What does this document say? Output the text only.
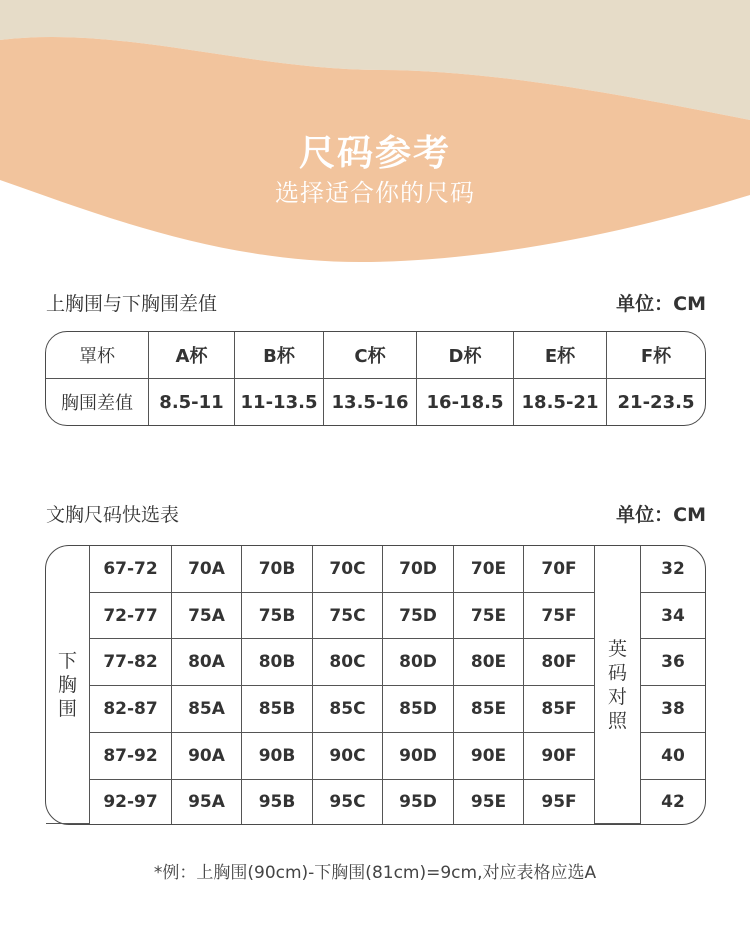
尺码参考
选择适合你的尺码
上胸围与下胸围差值	单位：CM
罩杯	A杯	B杯	C杯	D杯	E杯	F杯
胸围差值	8.5-11	11-13.5	13.5-16	16-18.5	18.5-21	21-23.5
文胸尺码快选表	单位：CM
下胸围	67-72	70A	70B	70C	70D	70E	70F	英码对照	32
	72-77	75A	75B	75C	75D	75E	75F		34
	77-82	80A	80B	80C	80D	80E	80F		36
	82-87	85A	85B	85C	85D	85E	85F		38
	87-92	90A	90B	90C	90D	90E	90F		40
	92-97	95A	95B	95C	95D	95E	95F		42
*例：上胸围(90cm)-下胸围(81cm)=9cm,对应表格应选A
